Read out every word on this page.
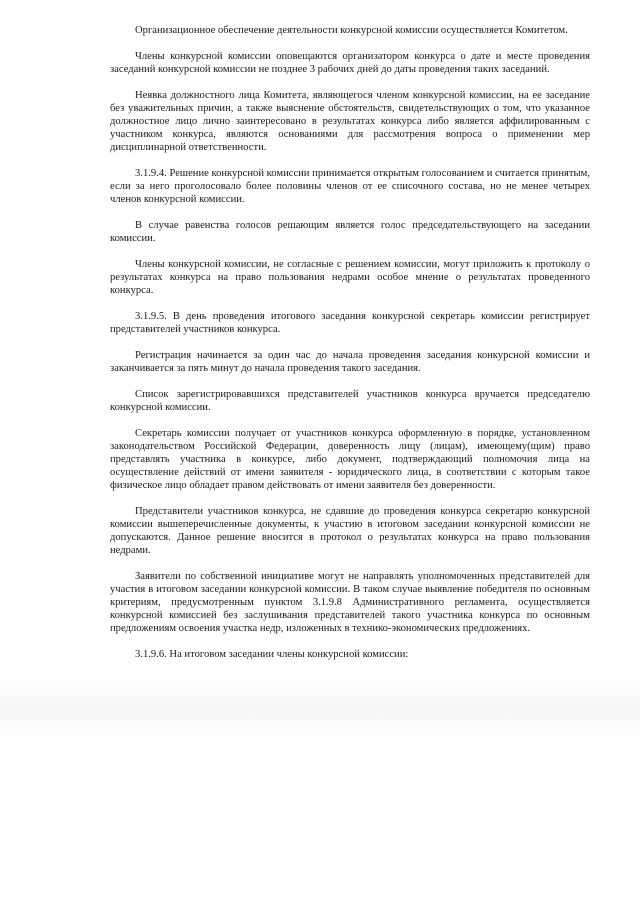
Организационное обеспечение деятельности конкурсной комиссии осуществляется Комитетом.

Члены конкурсной комиссии оповещаются организатором конкурса о дате и месте проведения заседаний конкурсной комиссии не позднее 3 рабочих дней до даты проведения таких заседаний.

Неявка должностного лица Комитета, являющегося членом конкурсной комиссии, на ее заседание без уважительных причин, а также выяснение обстоятельств, свидетельствующих о том, что указанное должностное лицо лично заинтересовано в результатах конкурса либо является аффилированным с участником конкурса, являются основаниями для рассмотрения вопроса о применении мер дисциплинарной ответственности.

3.1.9.4. Решение конкурсной комиссии принимается открытым голосованием и считается принятым, если за него проголосовало более половины членов от ее списочного состава, но не менее четырех членов конкурсной комиссии.

В случае равенства голосов решающим является голос председательствующего на заседании комиссии.

Члены конкурсной комиссии, не согласные с решением комиссии, могут приложить к протоколу о результатах конкурса на право пользования недрами особое мнение о результатах проведенного конкурса.

3.1.9.5. В день проведения итогового заседания конкурсной секретарь комиссии регистрирует представителей участников конкурса.

Регистрация начинается за один час до начала проведения заседания конкурсной комиссии и заканчивается за пять минут до начала проведения такого заседания.

Список зарегистрировавшихся представителей участников конкурса вручается председателю конкурсной комиссии.

Секретарь комиссии получает от участников конкурса оформленную в порядке, установленном законодательством Российской Федерации, доверенность лицу (лицам), имеющему(щим) право представлять участника в конкурсе, либо документ, подтверждающий полномочия лица на осуществление действий от имени заявителя - юридического лица, в соответствии с которым такое физическое лицо обладает правом действовать от имени заявителя без доверенности.

Представители участников конкурса, не сдавшие до проведения конкурса секретарю конкурсной комиссии вышеперечисленные документы, к участию в итоговом заседании конкурсной комиссии не допускаются. Данное решение вносится в протокол о результатах конкурса на право пользования недрами.

Заявители по собственной инициативе могут не направлять уполномоченных представителей для участия в итоговом заседании конкурсной комиссии. В таком случае выявление победителя по основным критериям, предусмотренным пунктом 3.1.9.8 Административного регламента, осуществляется конкурсной комиссией без заслушивания представителей такого участника конкурса по основным предложениям освоения участка недр, изложенных в технико-экономических предложениях.

3.1.9.6. На итоговом заседании члены конкурсной комиссии:
